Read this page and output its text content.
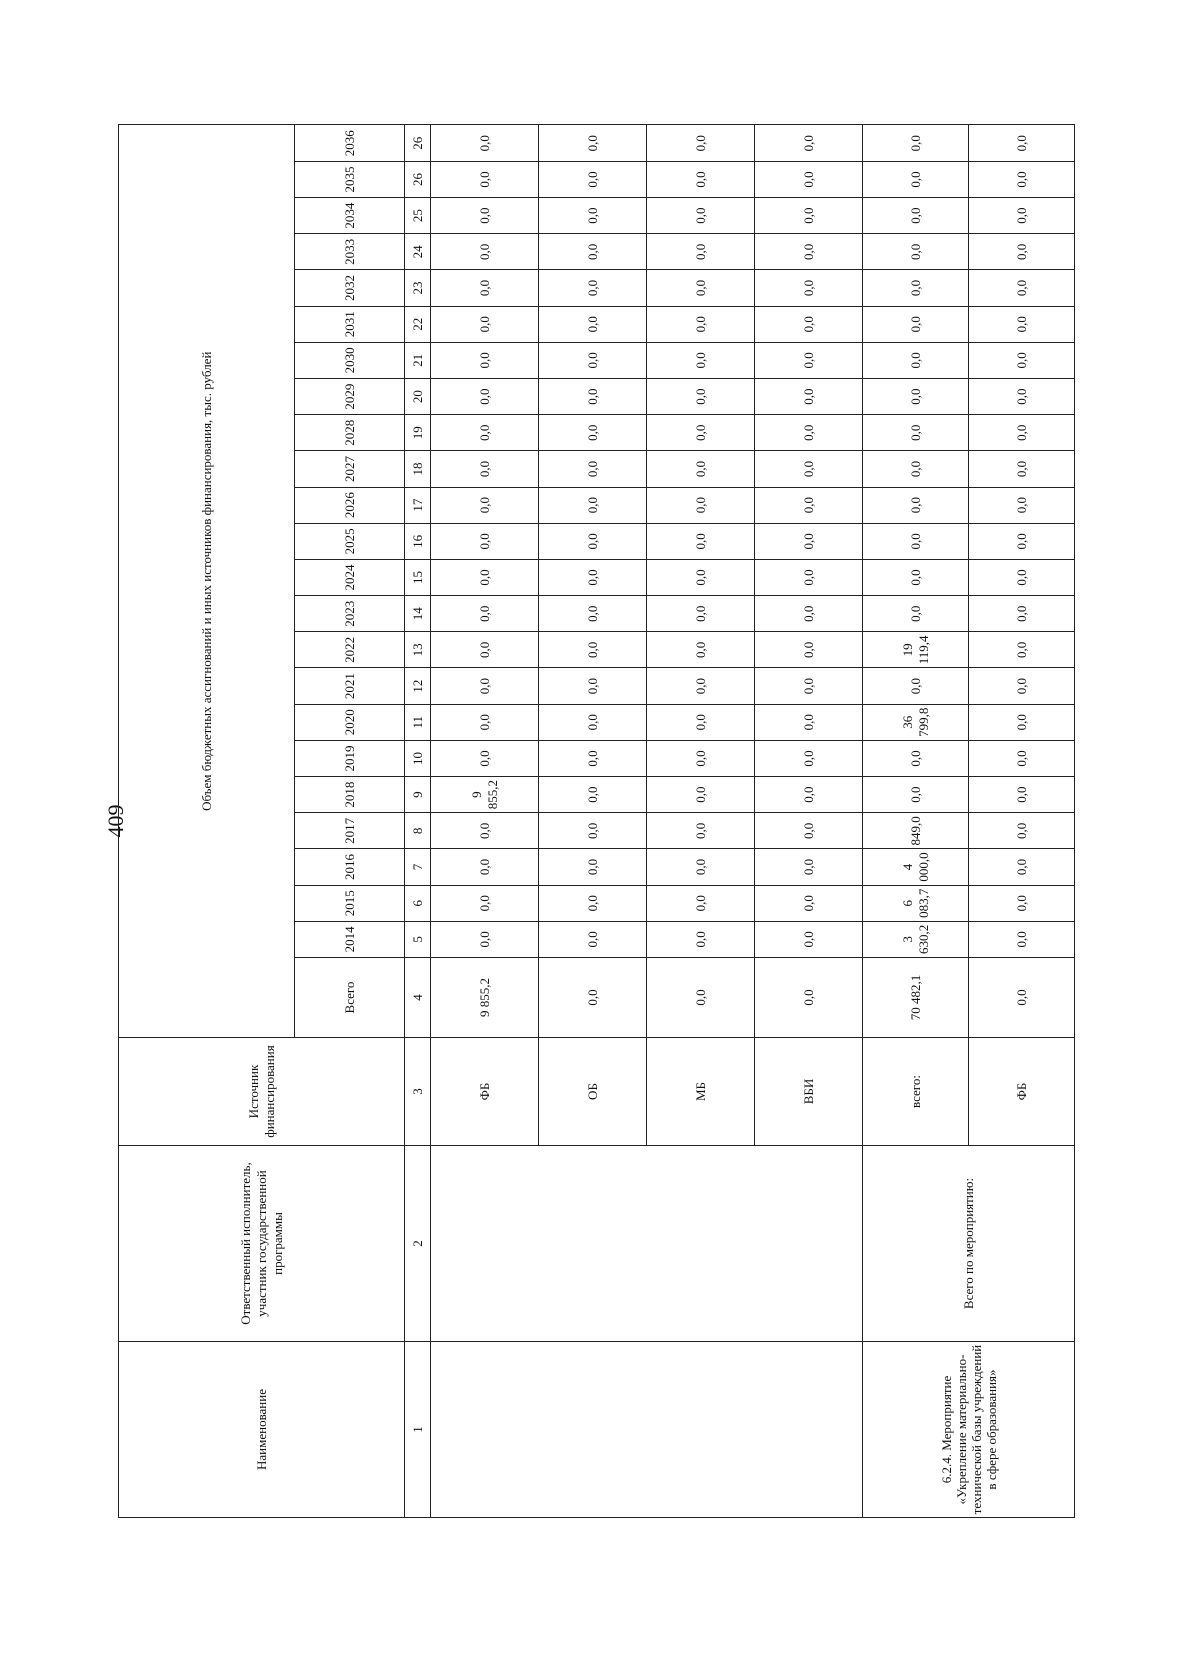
409
Наименование	Ответственный исполнитель, участник государственной программы	Источник финансирования	Объем бюджетных ассигнований и иных источников финансирования, тыс. рублей																							
			Всего	2014	2015	2016	2017	2018	2019	2020	2021	2022	2023	2024	2025	2026	2027	2028	2029	2030	2031	2032	2033	2034	2035	2036
1	2	3	4	5	6	7	8	9	10	11	12	13	14	15	16	17	18	19	20	21	22	23	24	25	26	26
		ФБ	9 855,2	0,0	0,0	0,0	0,0	9 855,2	0,0	0,0	0,0	0,0	0,0	0,0	0,0	0,0	0,0	0,0	0,0	0,0	0,0	0,0	0,0	0,0	0,0	0,0
		ОБ	0,0	0,0	0,0	0,0	0,0	0,0	0,0	0,0	0,0	0,0	0,0	0,0	0,0	0,0	0,0	0,0	0,0	0,0	0,0	0,0	0,0	0,0	0,0	0,0
		МБ	0,0	0,0	0,0	0,0	0,0	0,0	0,0	0,0	0,0	0,0	0,0	0,0	0,0	0,0	0,0	0,0	0,0	0,0	0,0	0,0	0,0	0,0	0,0	0,0
		ВБИ	0,0	0,0	0,0	0,0	0,0	0,0	0,0	0,0	0,0	0,0	0,0	0,0	0,0	0,0	0,0	0,0	0,0	0,0	0,0	0,0	0,0	0,0	0,0	0,0
6.2.4. Мероприятие «Укрепление материально-технической базы учреждений в сфере образования»	Всего по мероприятию:	всего:	70 482,1	3 630,2	6 083,7	4 000,0	849,0	0,0	0,0	36 799,8	0,0	19 119,4	0,0	0,0	0,0	0,0	0,0	0,0	0,0	0,0	0,0	0,0	0,0	0,0	0,0	0,0
		ФБ	0,0	0,0	0,0	0,0	0,0	0,0	0,0	0,0	0,0	0,0	0,0	0,0	0,0	0,0	0,0	0,0	0,0	0,0	0,0	0,0	0,0	0,0	0,0	0,0
